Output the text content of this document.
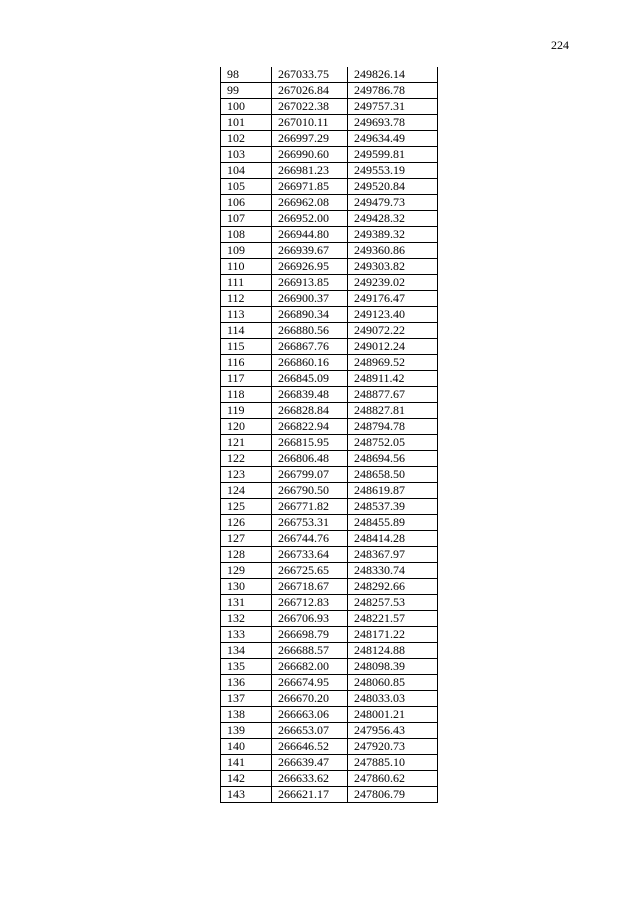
224
98	267033.75	249826.14
99	267026.84	249786.78
100	267022.38	249757.31
101	267010.11	249693.78
102	266997.29	249634.49
103	266990.60	249599.81
104	266981.23	249553.19
105	266971.85	249520.84
106	266962.08	249479.73
107	266952.00	249428.32
108	266944.80	249389.32
109	266939.67	249360.86
110	266926.95	249303.82
111	266913.85	249239.02
112	266900.37	249176.47
113	266890.34	249123.40
114	266880.56	249072.22
115	266867.76	249012.24
116	266860.16	248969.52
117	266845.09	248911.42
118	266839.48	248877.67
119	266828.84	248827.81
120	266822.94	248794.78
121	266815.95	248752.05
122	266806.48	248694.56
123	266799.07	248658.50
124	266790.50	248619.87
125	266771.82	248537.39
126	266753.31	248455.89
127	266744.76	248414.28
128	266733.64	248367.97
129	266725.65	248330.74
130	266718.67	248292.66
131	266712.83	248257.53
132	266706.93	248221.57
133	266698.79	248171.22
134	266688.57	248124.88
135	266682.00	248098.39
136	266674.95	248060.85
137	266670.20	248033.03
138	266663.06	248001.21
139	266653.07	247956.43
140	266646.52	247920.73
141	266639.47	247885.10
142	266633.62	247860.62
143	266621.17	247806.79
